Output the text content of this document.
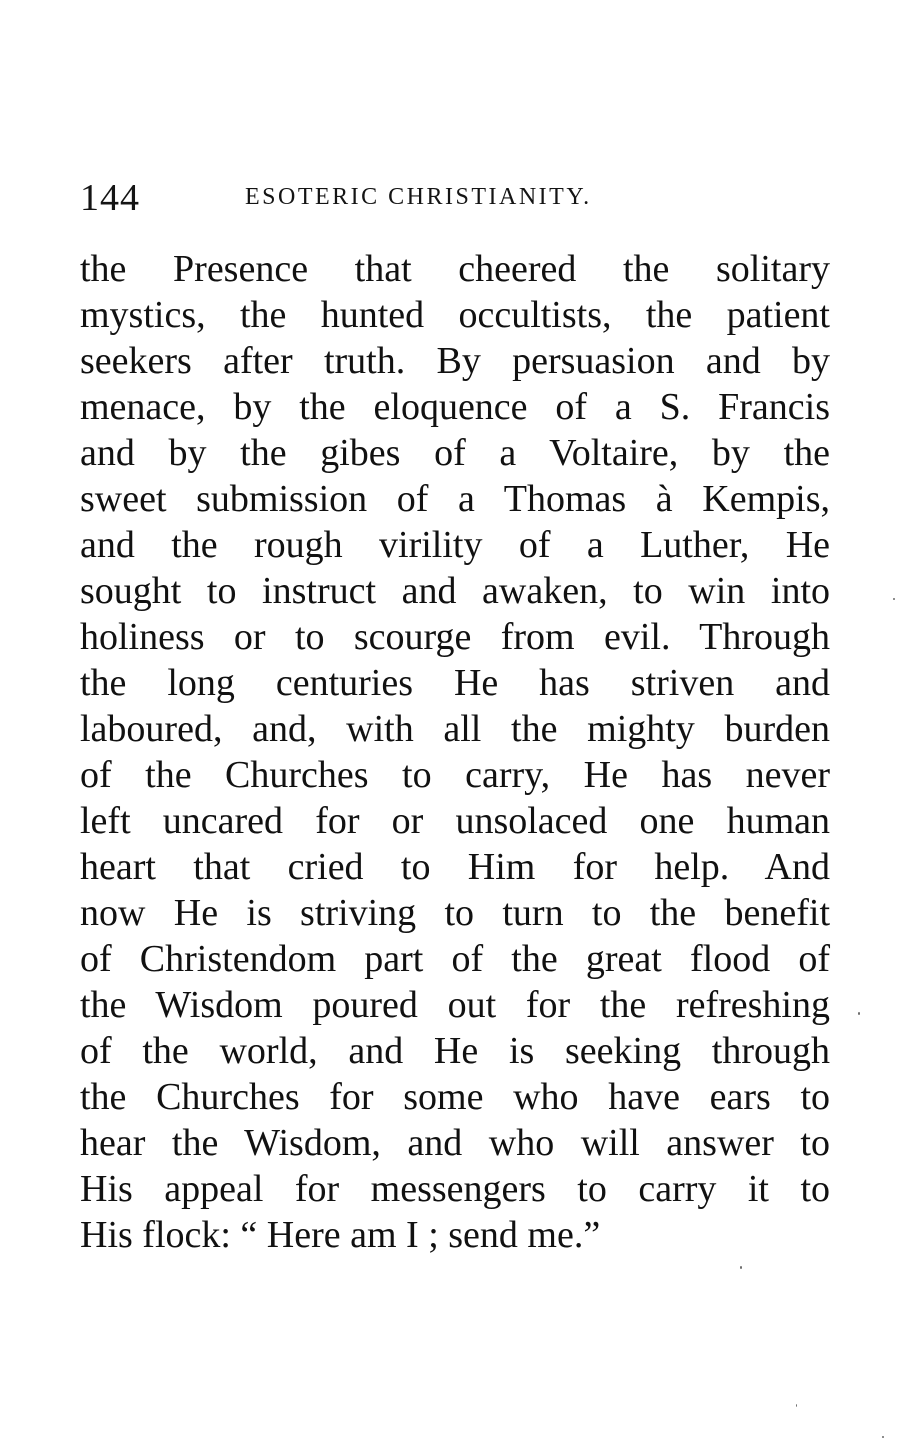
144	ESOTERIC CHRISTIANITY.
the Presence that cheered the solitary
mystics, the hunted occultists, the patient
seekers after truth. By persuasion and by
menace, by the eloquence of a S. Francis
and by the gibes of a Voltaire, by the
sweet submission of a Thomas à Kempis,
and the rough virility of a Luther, He
sought to instruct and awaken, to win into
holiness or to scourge from evil. Through
the long centuries He has striven and
laboured, and, with all the mighty burden
of the Churches to carry, He has never
left uncared for or unsolaced one human
heart that cried to Him for help. And
now He is striving to turn to the benefit
of Christendom part of the great flood of
the Wisdom poured out for the refreshing
of the world, and He is seeking through
the Churches for some who have ears to
hear the Wisdom, and who will answer to
His appeal for messengers to carry it to
His flock: “ Here am I ; send me.”
